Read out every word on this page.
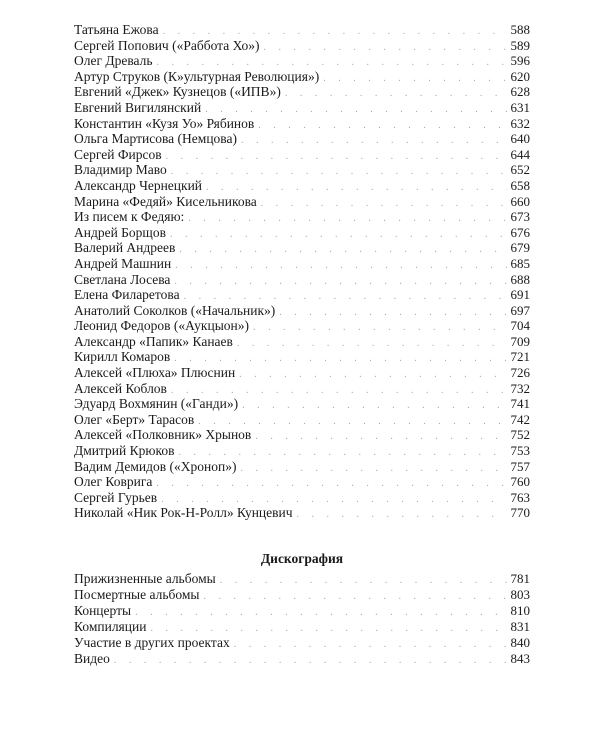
Татьяна Ежова . . .	588
Сергей Попович («Раббота Хо») . . .	589
Олег Древаль . . .	596
Артур Струков (К»ультурная Революция») . . .	620
Евгений «Джек» Кузнецов («ИПВ») . . .	628
Евгений Вигилянский . . .	631
Константин «Кузя Уо» Рябинов . . .	632
Ольга Мартисова (Немцова) . . .	640
Сергей Фирсов . . .	644
Владимир Маво . . .	652
Александр Чернецкий . . .	658
Марина «Федяй» Кисельникова . . .	660
Из писем к Федяю: . . .	673
Андрей Борщов . . .	676
Валерий Андреев . . .	679
Андрей Машнин . . .	685
Светлана Лосева . . .	688
Елена Филаретова . . .	691
Анатолий Соколков («Начальник») . . .	697
Леонид Федоров («Аукцыон») . . .	704
Александр «Папик» Канаев . . .	709
Кирилл Комаров . . .	721
Алексей «Плюха» Плюснин . . .	726
Алексей Коблов . . .	732
Эдуард Вохмянин («Ганди») . . .	741
Олег «Берт» Тарасов . . .	742
Алексей «Полковник» Хрынов . . .	752
Дмитрий Крюков . . .	753
Вадим Демидов («Хроноп») . . .	757
Олег Коврига . . .	760
Сергей Гурьев . . .	763
Николай «Ник Рок-Н-Ролл» Кунцевич . . .	770
Дискография
Прижизненные альбомы . . .	781
Посмертные альбомы . . .	803
Концерты . . .	810
Компиляции . . .	831
Участие в других проектах . . .	840
Видео . . .	843
